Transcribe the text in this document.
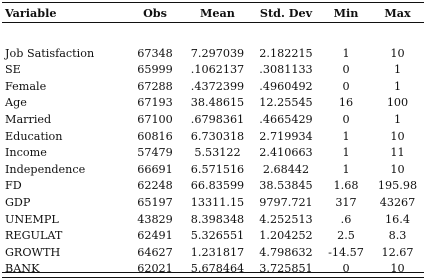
Variable	Obs	Mean	Std. Dev	Min	Max

Job Satisfaction	67348	7.297039	2.182215	1	10
SE	65999	.1062137	.3081133	0	1
Female	67288	.4372399	.4960492	0	1
Age	67193	38.48615	12.25545	16	100
Married	67100	.6798361	.4665429	0	1
Education	60816	6.730318	2.719934	1	10
Income	57479	5.53122	2.410663	1	11
Independence	66691	6.571516	2.68442	1	10
FD	62248	66.83599	38.53845	1.68	195.98
GDP	65197	13311.15	9797.721	317	43267
UNEMPL	43829	8.398348	4.252513	.6	16.4
REGULAT	62491	5.326551	1.204252	2.5	8.3
GROWTH	64627	1.231817	4.798632	-14.57	12.67
BANK	62021	5.678464	3.725851	0	10
